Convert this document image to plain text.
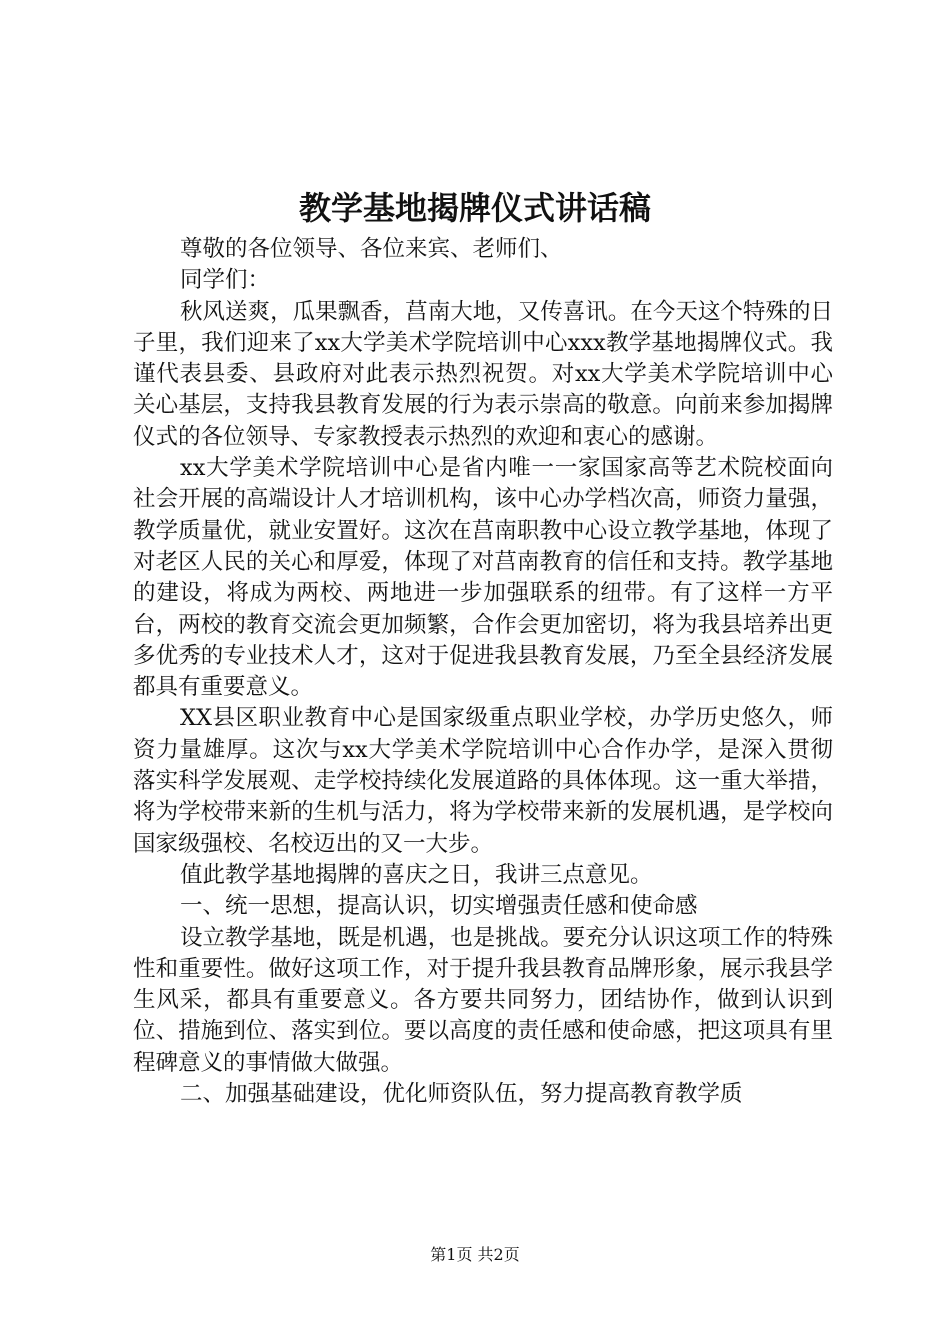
教学基地揭牌仪式讲话稿

尊敬的各位领导、各位来宾、老师们、

同学们：

秋风送爽，瓜果飘香，莒南大地，又传喜讯。在今天这个特殊的日子里，我们迎来了xx大学美术学院培训中心xxx教学基地揭牌仪式。我谨代表县委、县政府对此表示热烈祝贺。对xx大学美术学院培训中心关心基层，支持我县教育发展的行为表示崇高的敬意。向前来参加揭牌仪式的各位领导、专家教授表示热烈的欢迎和衷心的感谢。

xx大学美术学院培训中心是省内唯一一家国家高等艺术院校面向社会开展的高端设计人才培训机构，该中心办学档次高，师资力量强，教学质量优，就业安置好。这次在莒南职教中心设立教学基地，体现了对老区人民的关心和厚爱，体现了对莒南教育的信任和支持。教学基地的建设，将成为两校、两地进一步加强联系的纽带。有了这样一方平台，两校的教育交流会更加频繁，合作会更加密切，将为我县培养出更多优秀的专业技术人才，这对于促进我县教育发展，乃至全县经济发展都具有重要意义。

XX县区职业教育中心是国家级重点职业学校，办学历史悠久，师资力量雄厚。这次与xx大学美术学院培训中心合作办学，是深入贯彻落实科学发展观、走学校持续化发展道路的具体体现。这一重大举措，将为学校带来新的生机与活力，将为学校带来新的发展机遇，是学校向国家级强校、名校迈出的又一大步。

值此教学基地揭牌的喜庆之日，我讲三点意见。

一、统一思想，提高认识，切实增强责任感和使命感

设立教学基地，既是机遇，也是挑战。要充分认识这项工作的特殊性和重要性。做好这项工作，对于提升我县教育品牌形象，展示我县学生风采，都具有重要意义。各方要共同努力，团结协作，做到认识到位、措施到位、落实到位。要以高度的责任感和使命感，把这项具有里程碑意义的事情做大做强。

二、加强基础建设，优化师资队伍，努力提高教育教学质

第1页 共2页
